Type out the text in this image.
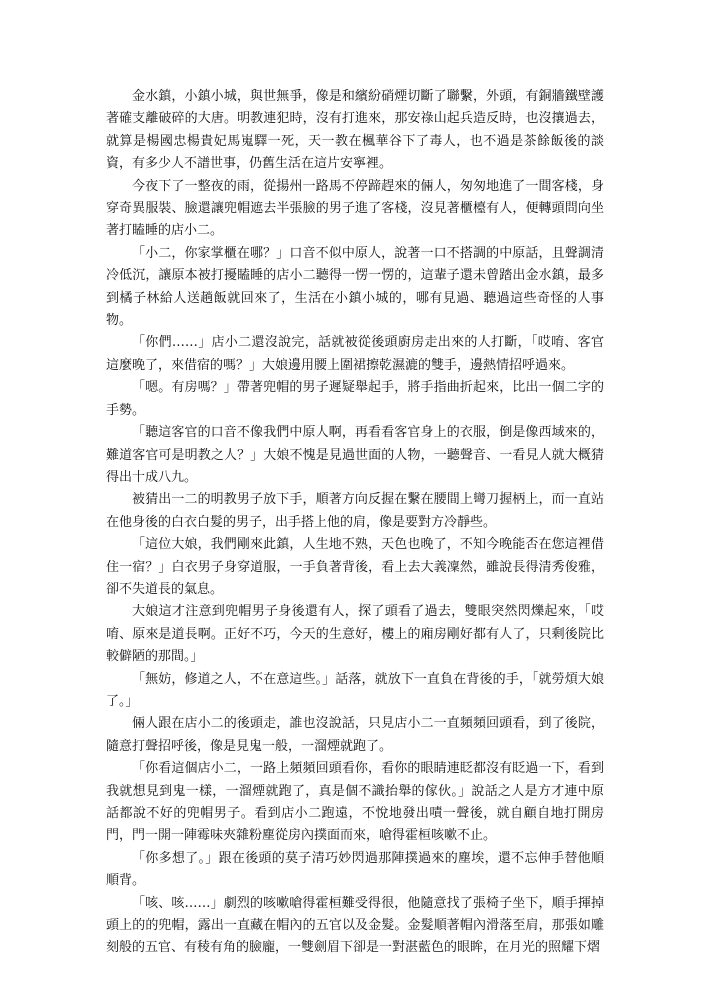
金水鎮，小鎮小城，與世無爭，像是和繽紛硝煙切斷了聯繫，外頭，有銅牆鐵壁護著確支離破碎的大唐。明教連犯時，沒有打進來，那安祿山起兵造反時，也沒攘過去，就算是楊國忠楊貴妃馬嵬驛一死，天一教在楓華谷下了毒人，也不過是茶餘飯後的談資，有多少人不譜世事，仍舊生活在這片安寧裡。

今夜下了一整夜的雨，從揚州一路馬不停蹄趕來的倆人，匆匆地進了一間客棧，身穿奇異服裝、臉還讓兜帽遮去半張臉的男子進了客棧，沒見著櫃檯有人，便轉頭問向坐著打瞌睡的店小二。

「小二，你家掌櫃在哪？」口音不似中原人，說著一口不搭調的中原話，且聲調清冷低沉，讓原本被打擾瞌睡的店小二聽得一愣一愣的，這輩子還未曾踏出金水鎮，最多到橘子林給人送趟飯就回來了，生活在小鎮小城的，哪有見過、聽過這些奇怪的人事物。

「你們……」店小二還沒說完，話就被從後頭廚房走出來的人打斷，「哎唷、客官這麼晚了，來借宿的嗎？」大娘邊用腰上圍裙擦乾濕漉的雙手，邊熱情招呼過來。

「嗯。有房嗎？」帶著兜帽的男子遲疑舉起手，將手指曲折起來，比出一個二字的手勢。

「聽這客官的口音不像我們中原人啊，再看看客官身上的衣服，倒是像西域來的，難道客官可是明教之人？」大娘不愧是見過世面的人物，一聽聲音、一看見人就大概猜得出十成八九。

被猜出一二的明教男子放下手，順著方向反握在繫在腰間上彎刀握柄上，而一直站在他身後的白衣白髮的男子，出手搭上他的肩，像是要對方冷靜些。

「這位大娘，我們剛來此鎮，人生地不熟，天色也晚了，不知今晚能否在您這裡借住一宿？」白衣男子身穿道服，一手負著背後，看上去大義凜然，雖說長得清秀俊雅，卻不失道長的氣息。

大娘這才注意到兜帽男子身後還有人，探了頭看了過去，雙眼突然閃爍起來，「哎唷、原來是道長啊。正好不巧，今天的生意好，樓上的廂房剛好都有人了，只剩後院比較僻陋的那間。」

「無妨，修道之人，不在意這些。」話落，就放下一直負在背後的手，「就勞煩大娘了。」

倆人跟在店小二的後頭走，誰也沒說話，只見店小二一直頻頻回頭看，到了後院，隨意打聲招呼後，像是見鬼一般，一溜煙就跑了。

「你看這個店小二，一路上頻頻回頭看你，看你的眼睛連眨都沒有眨過一下，看到我就想見到鬼一樣，一溜煙就跑了，真是個不識抬舉的傢伙。」說話之人是方才連中原話都說不好的兜帽男子。看到店小二跑遠，不悅地發出嘖一聲後，就自顧自地打開房門，門一開一陣霉味夾雜粉塵從房內撲面而來，嗆得霍桓咳嗽不止。

「你多想了。」跟在後頭的莫子清巧妙閃過那陣撲過來的塵埃，還不忘伸手替他順順背。

「咳、咳……」劇烈的咳嗽嗆得霍桓難受得很，他隨意找了張椅子坐下，順手揮掉頭上的的兜帽，露出一直藏在帽內的五官以及金髮。金髮順著帽內滑落至肩，那張如雕刻般的五官、有稜有角的臉龐，一雙劍眉下卻是一對湛藍色的眼眸，在月光的照耀下熠
